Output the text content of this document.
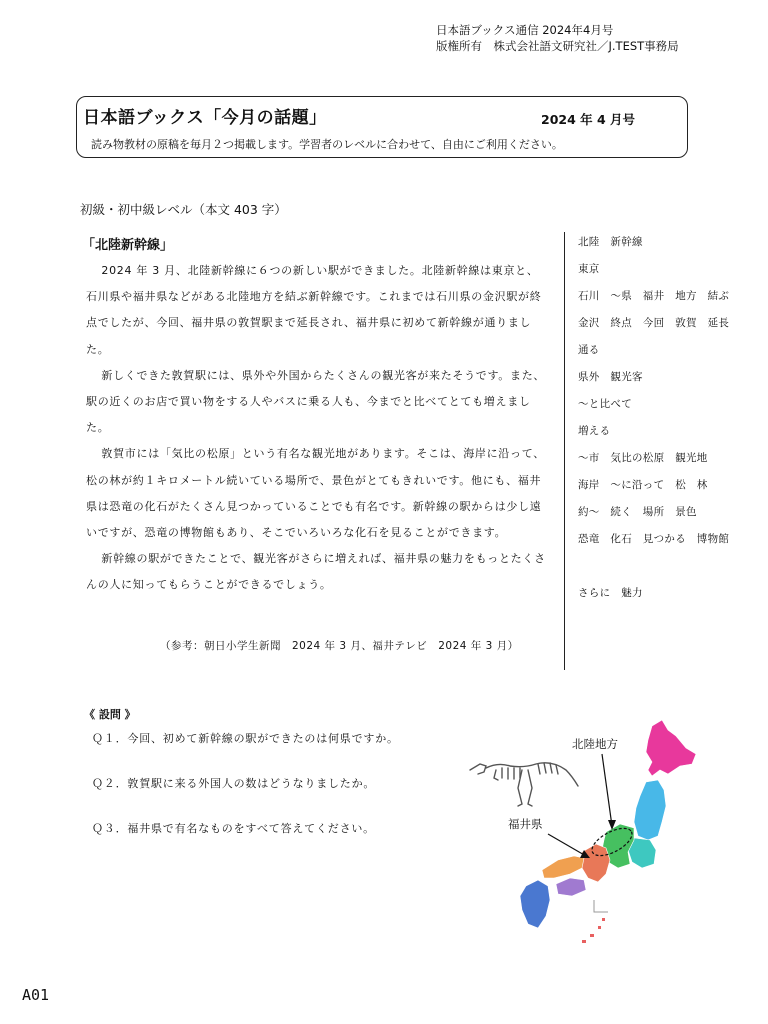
日本語ブックス通信 2024年4月号
版権所有　株式会社語文研究社／J.TEST事務局
日本語ブックス「今月の話題」	2024 年 4 月号
読み物教材の原稿を毎月２つ掲載します。学習者のレベルに合わせて、自由にご利用ください。
初級・初中級レベル（本文 403 字）
「北陸新幹線」

2024 年 3 月、北陸新幹線に６つの新しい駅ができました。北陸新幹線は東京と、石川県や福井県などがある北陸地方を結ぶ新幹線です。これまでは石川県の金沢駅が終点でしたが、今回、福井県の敦賀駅まで延長され、福井県に初めて新幹線が通りました。

新しくできた敦賀駅には、県外や外国からたくさんの観光客が来たそうです。また、駅の近くのお店で買い物をする人やバスに乗る人も、今までと比べてとても増えました。

敦賀市には「気比の松原」という有名な観光地があります。そこは、海岸に沿って、松の林が約１キロメートル続いている場所で、景色がとてもきれいです。他にも、福井県は恐竜の化石がたくさん見つかっていることでも有名です。新幹線の駅からは少し遠いですが、恐竜の博物館もあり、そこでいろいろな化石を見ることができます。

新幹線の駅ができたことで、観光客がさらに増えれば、福井県の魅力をもっとたくさんの人に知ってもらうことができるでしょう。

（参考：朝日小学生新聞　2024 年 3 月、福井テレビ　2024 年 3 月）
北陸　新幹線
東京
石川　～県　福井　地方　結ぶ
金沢　終点　今回　敦賀　延長
通る
県外　観光客
～と比べて
増える
～市　気比の松原　観光地
海岸　～に沿って　松　林
約～　続く　場所　景色
恐竜　化石　見つかる　博物館
さらに　魅力
《 設問 》
Ｑ１．今回、初めて新幹線の駅ができたのは何県ですか。
Ｑ２．敦賀駅に来る外国人の数はどうなりましたか。
Ｑ３．福井県で有名なものをすべて答えてください。
北陸地方
福井県
A01
